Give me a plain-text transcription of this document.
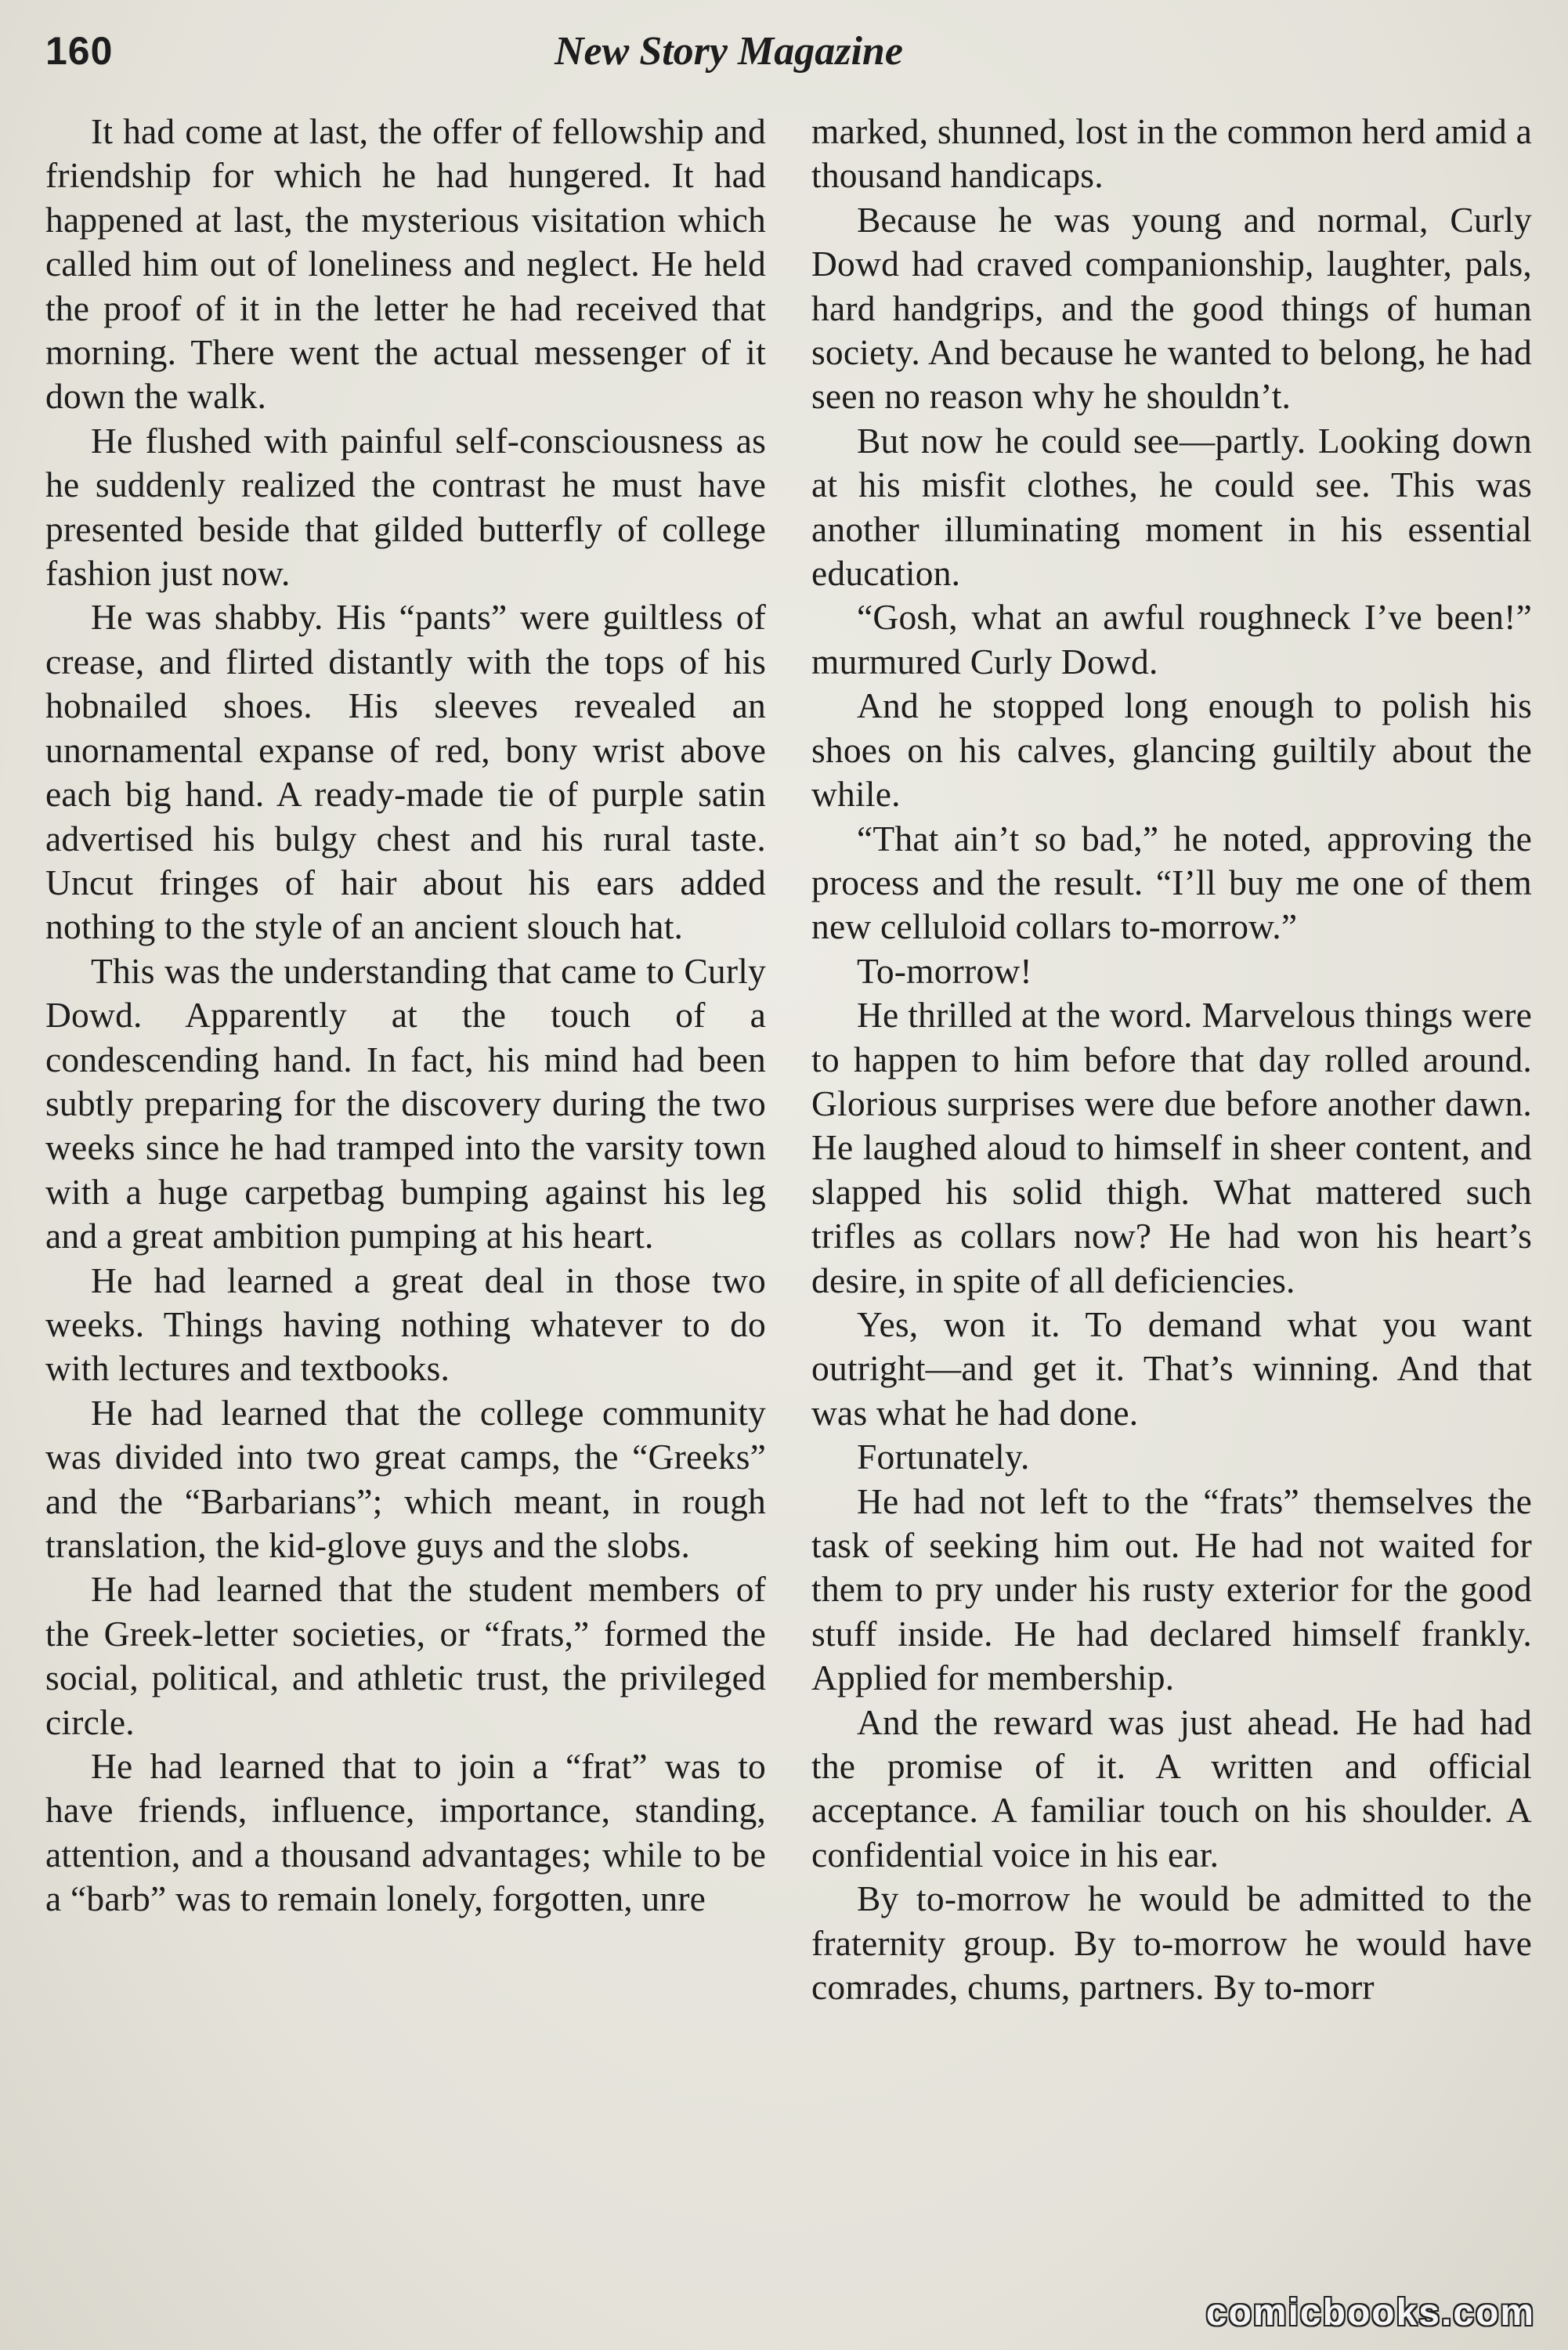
160	New Story Magazine

It had come at last, the offer of fellowship and friendship for which he had hungered. It had happened at last, the mysterious visitation which called him out of loneliness and neglect. He held the proof of it in the letter he had received that morning. There went the actual messenger of it down the walk.

He flushed with painful self-consciousness as he suddenly realized the contrast he must have presented beside that gilded butterfly of college fashion just now.

He was shabby. His “pants” were guiltless of crease, and flirted distantly with the tops of his hobnailed shoes. His sleeves revealed an unornamental expanse of red, bony wrist above each big hand. A ready-made tie of purple satin advertised his bulgy chest and his rural taste. Uncut fringes of hair about his ears added nothing to the style of an ancient slouch hat.

This was the understanding that came to Curly Dowd. Apparently at the touch of a condescending hand. In fact, his mind had been subtly preparing for the discovery during the two weeks since he had tramped into the varsity town with a huge carpetbag bumping against his leg and a great ambition pumping at his heart.

He had learned a great deal in those two weeks. Things having nothing whatever to do with lectures and textbooks.

He had learned that the college community was divided into two great camps, the “Greeks” and the “Barbarians”; which meant, in rough translation, the kid-glove guys and the slobs.

He had learned that the student members of the Greek-letter societies, or “frats,” formed the social, political, and athletic trust, the privileged circle.

He had learned that to join a “frat” was to have friends, influence, importance, standing, attention, and a thousand advantages; while to be a “barb” was to remain lonely, forgotten, unre

marked, shunned, lost in the common herd amid a thousand handicaps.

Because he was young and normal, Curly Dowd had craved companionship, laughter, pals, hard handgrips, and the good things of human society. And because he wanted to belong, he had seen no reason why he shouldn’t.

But now he could see—partly. Looking down at his misfit clothes, he could see. This was another illuminating moment in his essential education.

“Gosh, what an awful roughneck I’ve been!” murmured Curly Dowd.

And he stopped long enough to polish his shoes on his calves, glancing guiltily about the while.

“That ain’t so bad,” he noted, approving the process and the result. “I’ll buy me one of them new celluloid collars to-morrow.”

To-morrow!

He thrilled at the word. Marvelous things were to happen to him before that day rolled around. Glorious surprises were due before another dawn. He laughed aloud to himself in sheer content, and slapped his solid thigh. What mattered such trifles as collars now? He had won his heart’s desire, in spite of all deficiencies.

Yes, won it. To demand what you want outright—and get it. That’s winning. And that was what he had done.

Fortunately.

He had not left to the “frats” themselves the task of seeking him out. He had not waited for them to pry under his rusty exterior for the good stuff inside. He had declared himself frankly. Applied for membership.

And the reward was just ahead. He had had the promise of it. A written and official acceptance. A familiar touch on his shoulder. A confidential voice in his ear.

By to-morrow he would be admitted to the fraternity group. By to-morrow he would have comrades, chums, partners. By to-morr

comicbooks.com
